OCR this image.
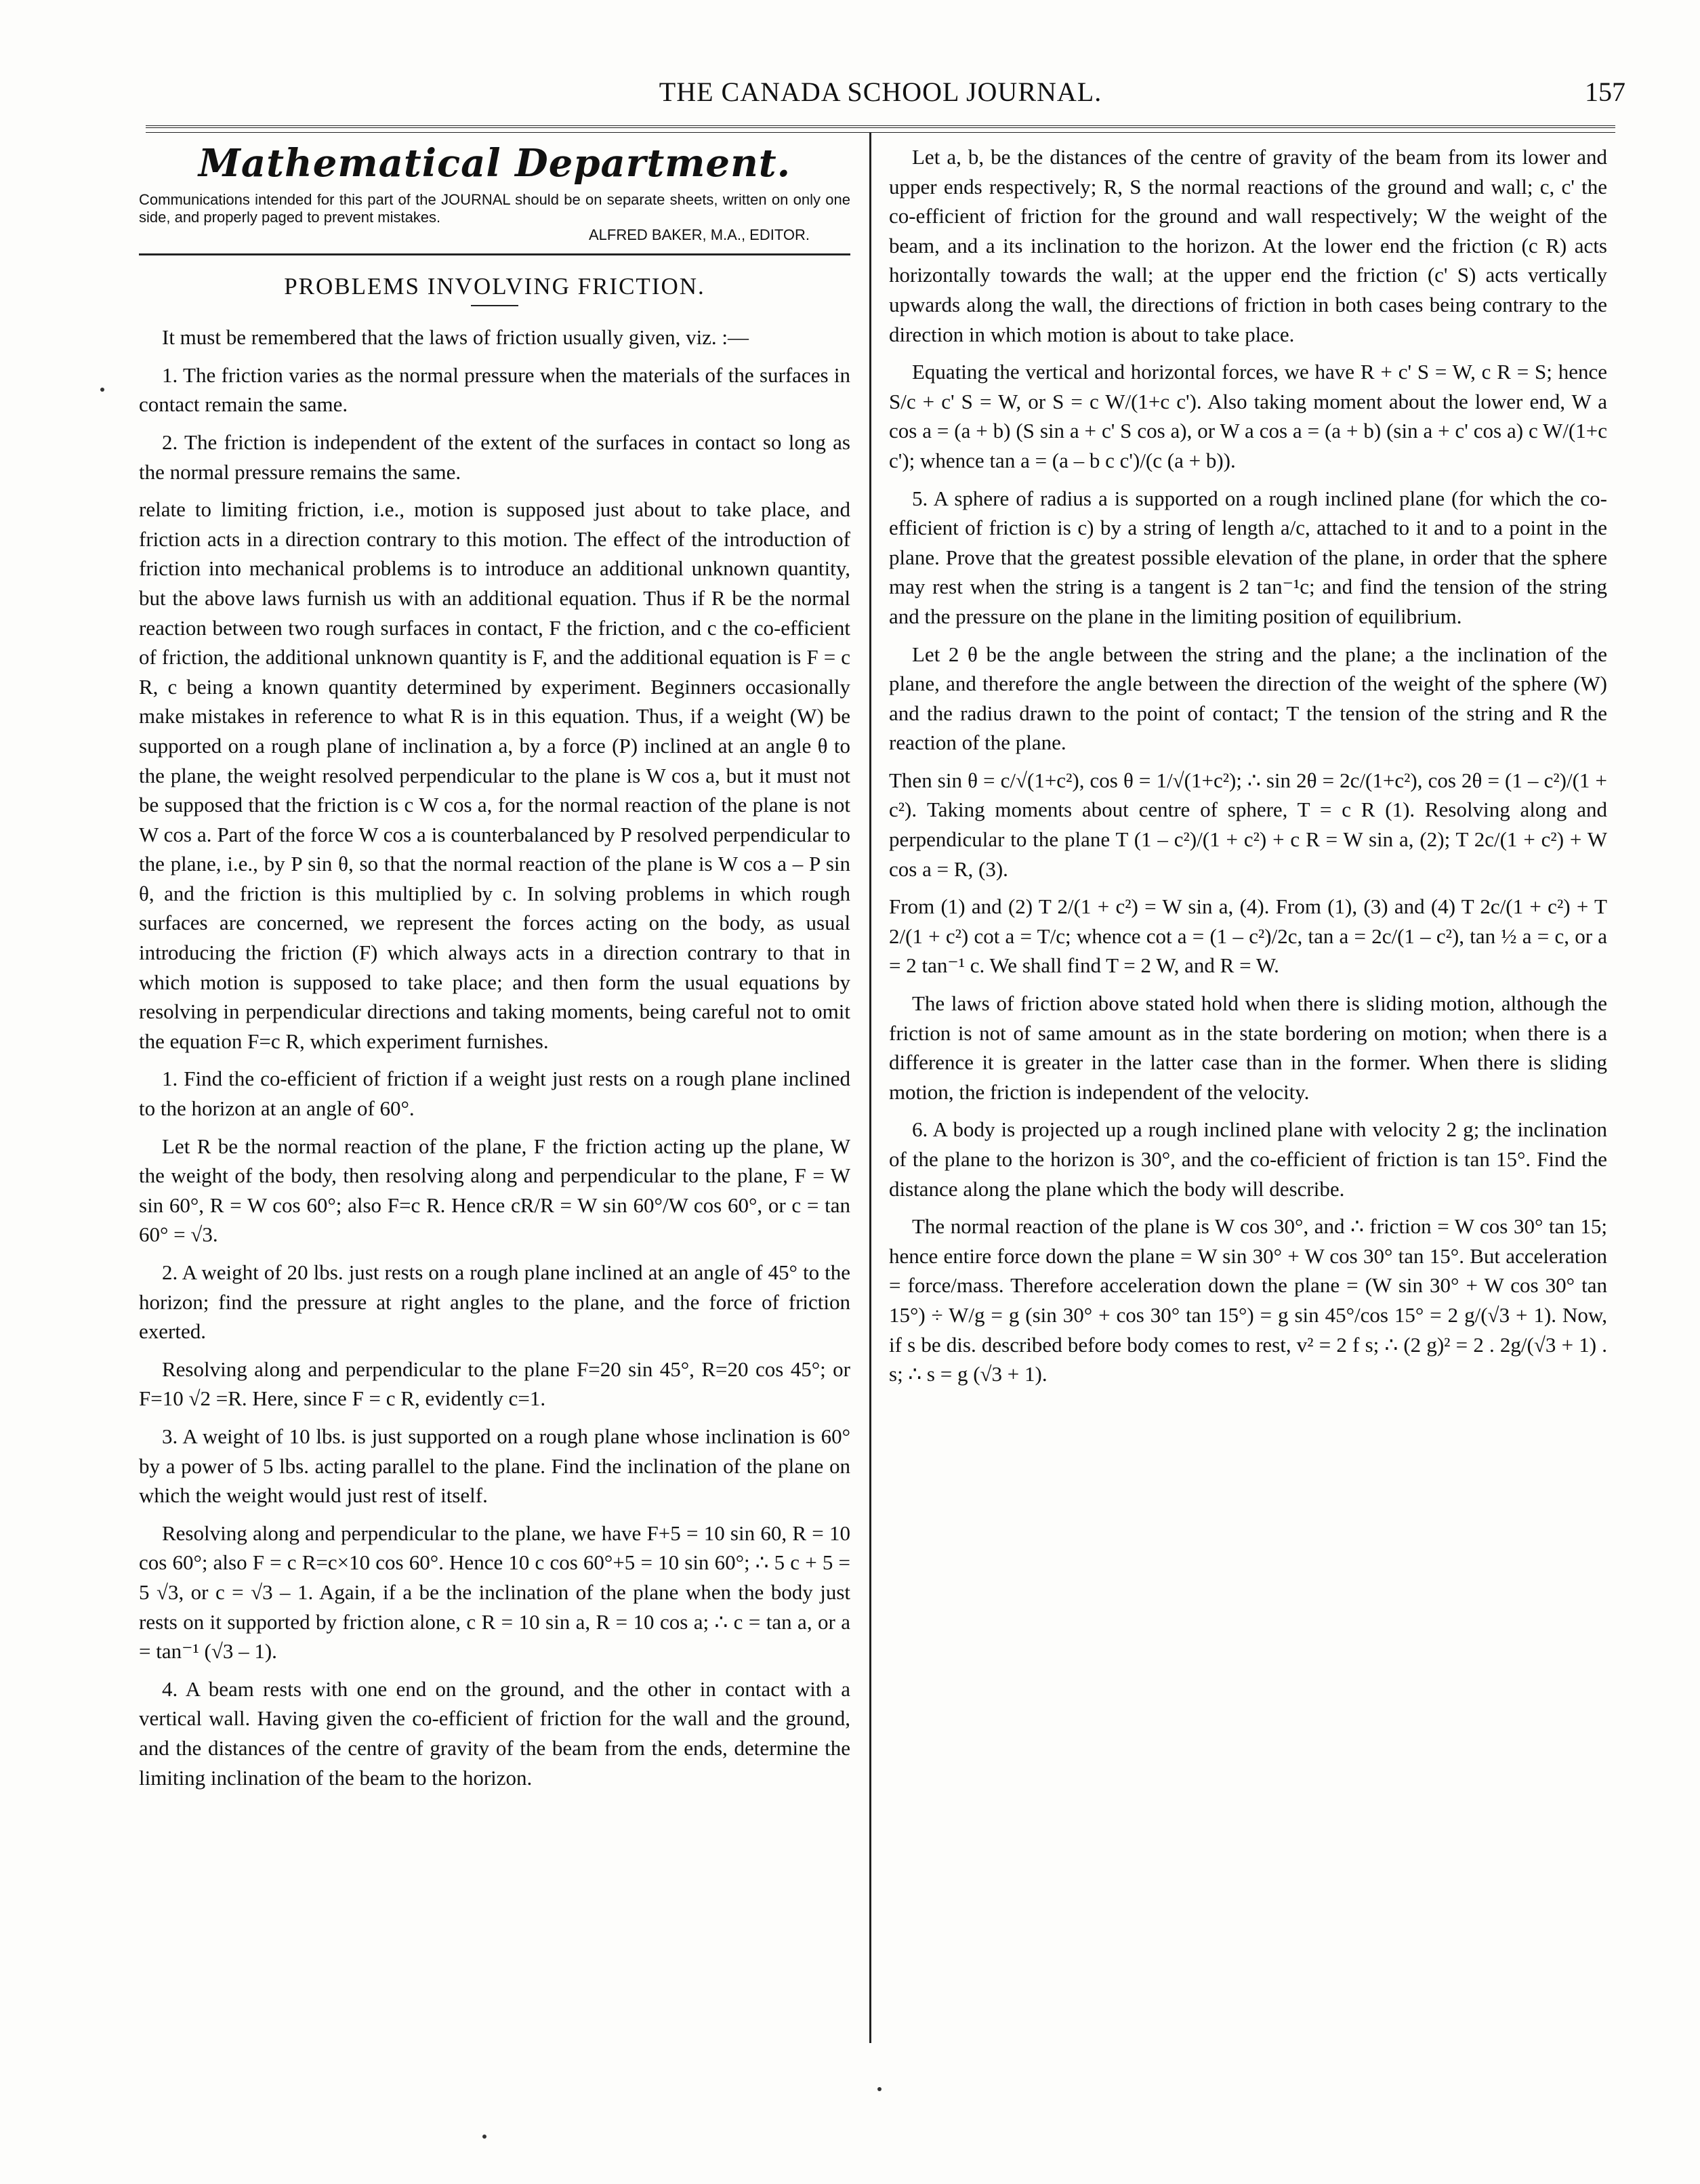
THE CANADA SCHOOL JOURNAL.	157
Mathematical Department.
Communications intended for this part of the JOURNAL should be on separate sheets, written on only one side, and properly paged to prevent mistakes.
ALFRED BAKER, M.A., EDITOR.
PROBLEMS INVOLVING FRICTION.

It must be remembered that the laws of friction usually given, viz. :—

1. The friction varies as the normal pressure when the materials of the surfaces in contact remain the same.

2. The friction is independent of the extent of the surfaces in contact so long as the normal pressure remains the same.

relate to limiting friction, i.e., motion is supposed just about to take place, and friction acts in a direction contrary to this motion. The effect of the introduction of friction into mechanical problems is to introduce an additional unknown quantity, but the above laws furnish us with an additional equation. Thus if R be the normal reaction between two rough surfaces in contact, F the friction, and c the co-efficient of friction, the additional unknown quantity is F, and the additional equation is F = c R, c being a known quantity determined by experiment. Beginners occasionally make mistakes in reference to what R is in this equation. Thus, if a weight (W) be supported on a rough plane of inclination a, by a force (P) inclined at an angle θ to the plane, the weight resolved perpendicular to the plane is W cos a, but it must not be supposed that the friction is c W cos a, for the normal reaction of the plane is not W cos a. Part of the force W cos a is counterbalanced by P resolved perpendicular to the plane, i.e., by P sin θ, so that the normal reaction of the plane is W cos a – P sin θ, and the friction is this multiplied by c. In solving problems in which rough surfaces are concerned, we represent the forces acting on the body, as usual introducing the friction (F) which always acts in a direction contrary to that in which motion is supposed to take place; and then form the usual equations by resolving in perpendicular directions and taking moments, being careful not to omit the equation F=c R, which experiment furnishes.

1. Find the co-efficient of friction if a weight just rests on a rough plane inclined to the horizon at an angle of 60°.

Let R be the normal reaction of the plane, F the friction acting up the plane, W the weight of the body, then resolving along and perpendicular to the plane, F = W sin 60°, R = W cos 60°; also F=c R. Hence cR/R = W sin 60°/W cos 60°, or c = tan 60° = √3.

2. A weight of 20 lbs. just rests on a rough plane inclined at an angle of 45° to the horizon; find the pressure at right angles to the plane, and the force of friction exerted.

Resolving along and perpendicular to the plane F=20 sin 45°, R=20 cos 45°; or F=10 √2 =R. Here, since F = c R, evidently c=1.

3. A weight of 10 lbs. is just supported on a rough plane whose inclination is 60° by a power of 5 lbs. acting parallel to the plane. Find the inclination of the plane on which the weight would just rest of itself.

Resolving along and perpendicular to the plane, we have F+5 = 10 sin 60, R = 10 cos 60°; also F = c R=c×10 cos 60°. Hence 10 c cos 60°+5 = 10 sin 60°; ∴ 5 c + 5 = 5 √3, or c = √3 – 1. Again, if a be the inclination of the plane when the body just rests on it supported by friction alone, c R = 10 sin a, R = 10 cos a; ∴ c = tan a, or a = tan⁻¹ (√3 – 1).

4. A beam rests with one end on the ground, and the other in contact with a vertical wall. Having given the co-efficient of friction for the wall and the ground, and the distances of the centre of gravity of the beam from the ends, determine the limiting inclination of the beam to the horizon.

Let a, b, be the distances of the centre of gravity of the beam from its lower and upper ends respectively; R, S the normal reactions of the ground and wall; c, c' the co-efficient of friction for the ground and wall respectively; W the weight of the beam, and a its inclination to the horizon. At the lower end the friction (c R) acts horizontally towards the wall; at the upper end the friction (c' S) acts vertically upwards along the wall, the directions of friction in both cases being contrary to the direction in which motion is about to take place.

Equating the vertical and horizontal forces, we have R + c' S = W, c R = S; hence S/c + c' S = W, or S = c W/(1+c c'). Also taking moment about the lower end, W a cos a = (a + b) (S sin a + c' S cos a), or W a cos a = (a + b) (sin a + c' cos a) c W/(1+c c'); whence tan a = (a – b c c')/(c (a + b)).

5. A sphere of radius a is supported on a rough inclined plane (for which the co-efficient of friction is c) by a string of length a/c, attached to it and to a point in the plane. Prove that the greatest possible elevation of the plane, in order that the sphere may rest when the string is a tangent is 2 tan⁻¹c; and find the tension of the string and the pressure on the plane in the limiting position of equilibrium.

Let 2 θ be the angle between the string and the plane; a the inclination of the plane, and therefore the angle between the direction of the weight of the sphere (W) and the radius drawn to the point of contact; T the tension of the string and R the reaction of the plane.

Then sin θ = c/√(1+c²), cos θ = 1/√(1+c²); ∴ sin 2θ = 2c/(1+c²), cos 2θ = (1 – c²)/(1 + c²). Taking moments about centre of sphere, T = c R (1). Resolving along and perpendicular to the plane T (1 – c²)/(1 + c²) + c R = W sin a, (2); T 2c/(1 + c²) + W cos a = R, (3).

From (1) and (2) T 2/(1 + c²) = W sin a, (4). From (1), (3) and (4) T 2c/(1 + c²) + T 2/(1 + c²) cot a = T/c; whence cot a = (1 – c²)/2c, tan a = 2c/(1 – c²), tan ½ a = c, or a = 2 tan⁻¹ c. We shall find T = 2 W, and R = W.

The laws of friction above stated hold when there is sliding motion, although the friction is not of same amount as in the state bordering on motion; when there is a difference it is greater in the latter case than in the former. When there is sliding motion, the friction is independent of the velocity.

6. A body is projected up a rough inclined plane with velocity 2 g; the inclination of the plane to the horizon is 30°, and the co-efficient of friction is tan 15°. Find the distance along the plane which the body will describe.

The normal reaction of the plane is W cos 30°, and ∴ friction = W cos 30° tan 15; hence entire force down the plane = W sin 30° + W cos 30° tan 15°. But acceleration = force/mass. Therefore acceleration down the plane = (W sin 30° + W cos 30° tan 15°) ÷ W/g = g (sin 30° + cos 30° tan 15°) = g sin 45°/cos 15° = 2 g/(√3 + 1). Now, if s be dis. described before body comes to rest, v² = 2 f s; ∴ (2 g)² = 2 . 2g/(√3 + 1) . s; ∴ s = g (√3 + 1).
